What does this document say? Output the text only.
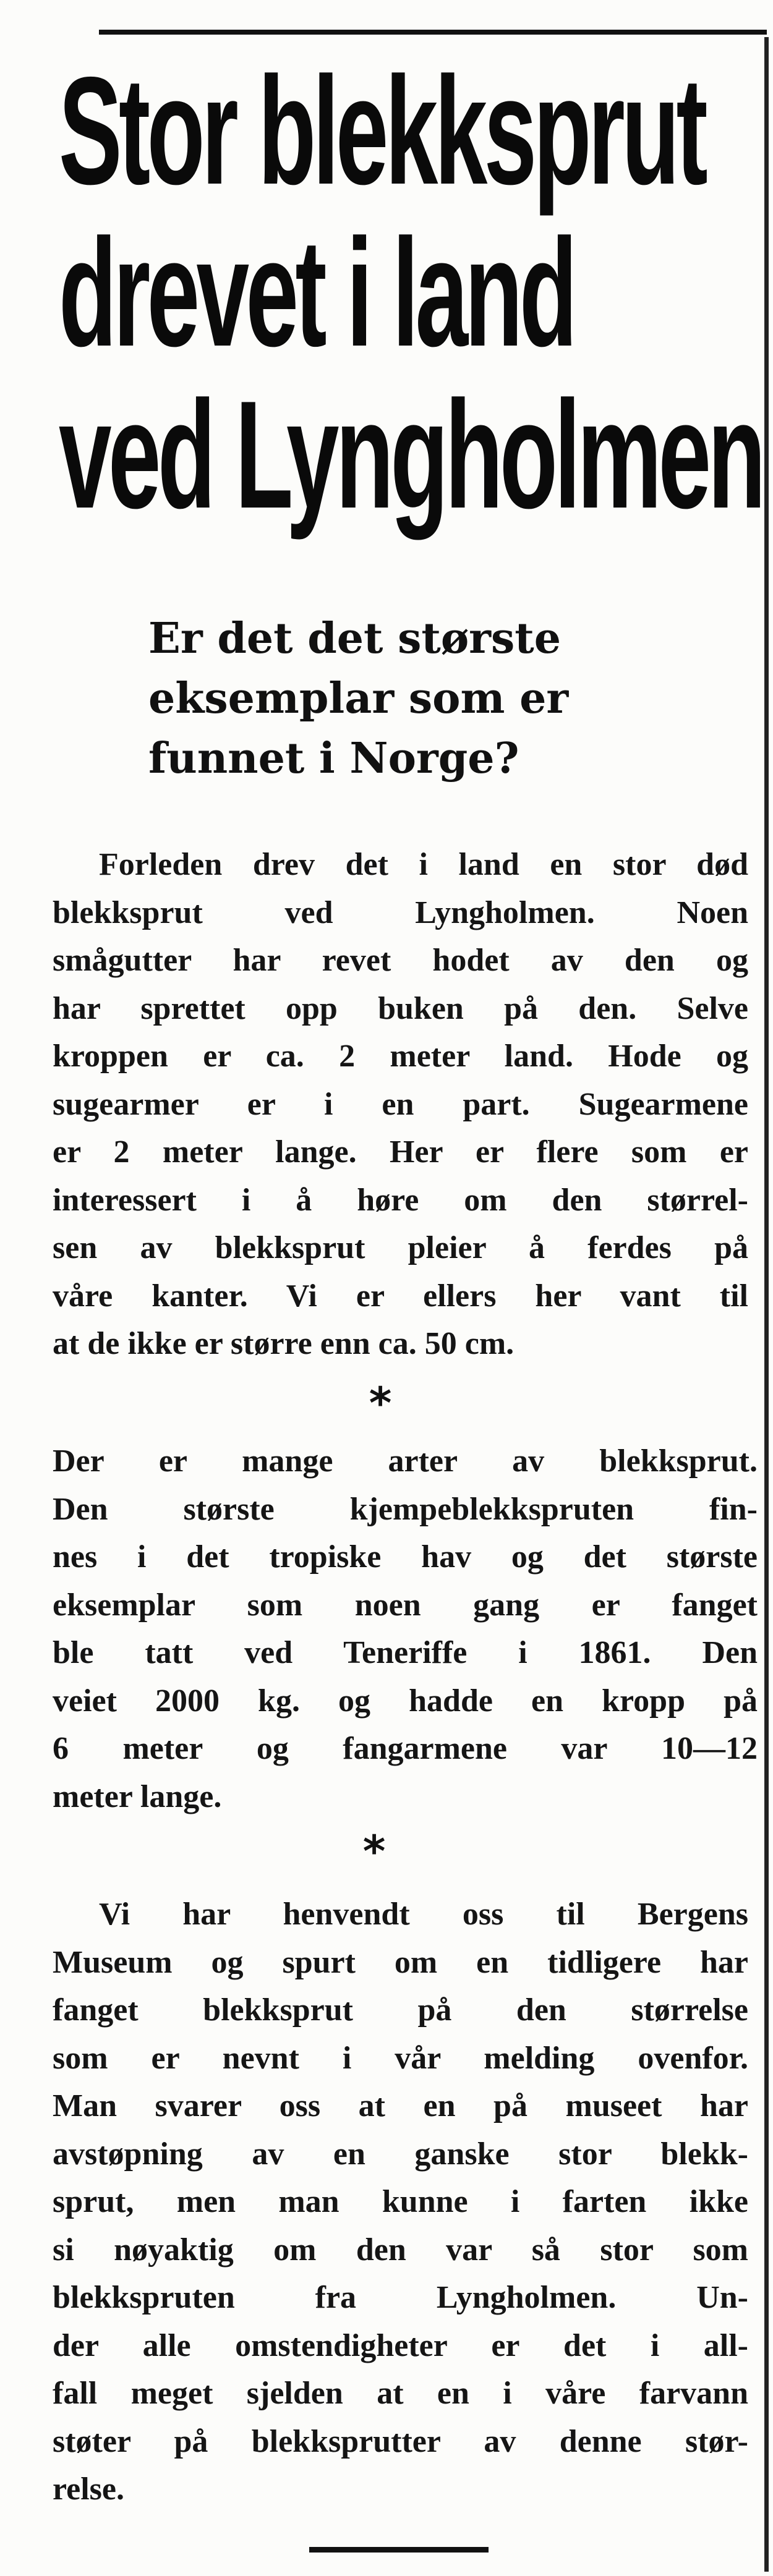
Stor blekksprut
drevet i land
ved Lyngholmen
Er det det største
eksemplar som er
funnet i Norge?

Forleden drev det i land en stor død
blekksprut ved Lyngholmen. Noen
smågutter har revet hodet av den og
har sprettet opp buken på den. Selve
kroppen er ca. 2 meter land. Hode og
sugearmer er i en part. Sugearmene
er 2 meter lange. Her er flere som er
interessert i å høre om den størrel-
sen av blekksprut pleier å ferdes på
våre kanter. Vi er ellers her vant til
at de ikke er større enn ca. 50 cm.

*

Der er mange arter av blekksprut.
Den største kjempeblekkspruten fin-
nes i det tropiske hav og det største
eksemplar som noen gang er fanget
ble tatt ved Teneriffe i 1861. Den
veiet 2000 kg. og hadde en kropp på
6 meter og fangarmene var 10—12
meter lange.

*

Vi har henvendt oss til Bergens
Museum og spurt om en tidligere har
fanget blekksprut på den størrelse
som er nevnt i vår melding ovenfor.
Man svarer oss at en på museet har
avstøpning av en ganske stor blekk-
sprut, men man kunne i farten ikke
si nøyaktig om den var så stor som
blekkspruten fra Lyngholmen. Un-
der alle omstendigheter er det i all-
fall meget sjelden at en i våre farvann
støter på blekksprutter av denne stør-
relse.
